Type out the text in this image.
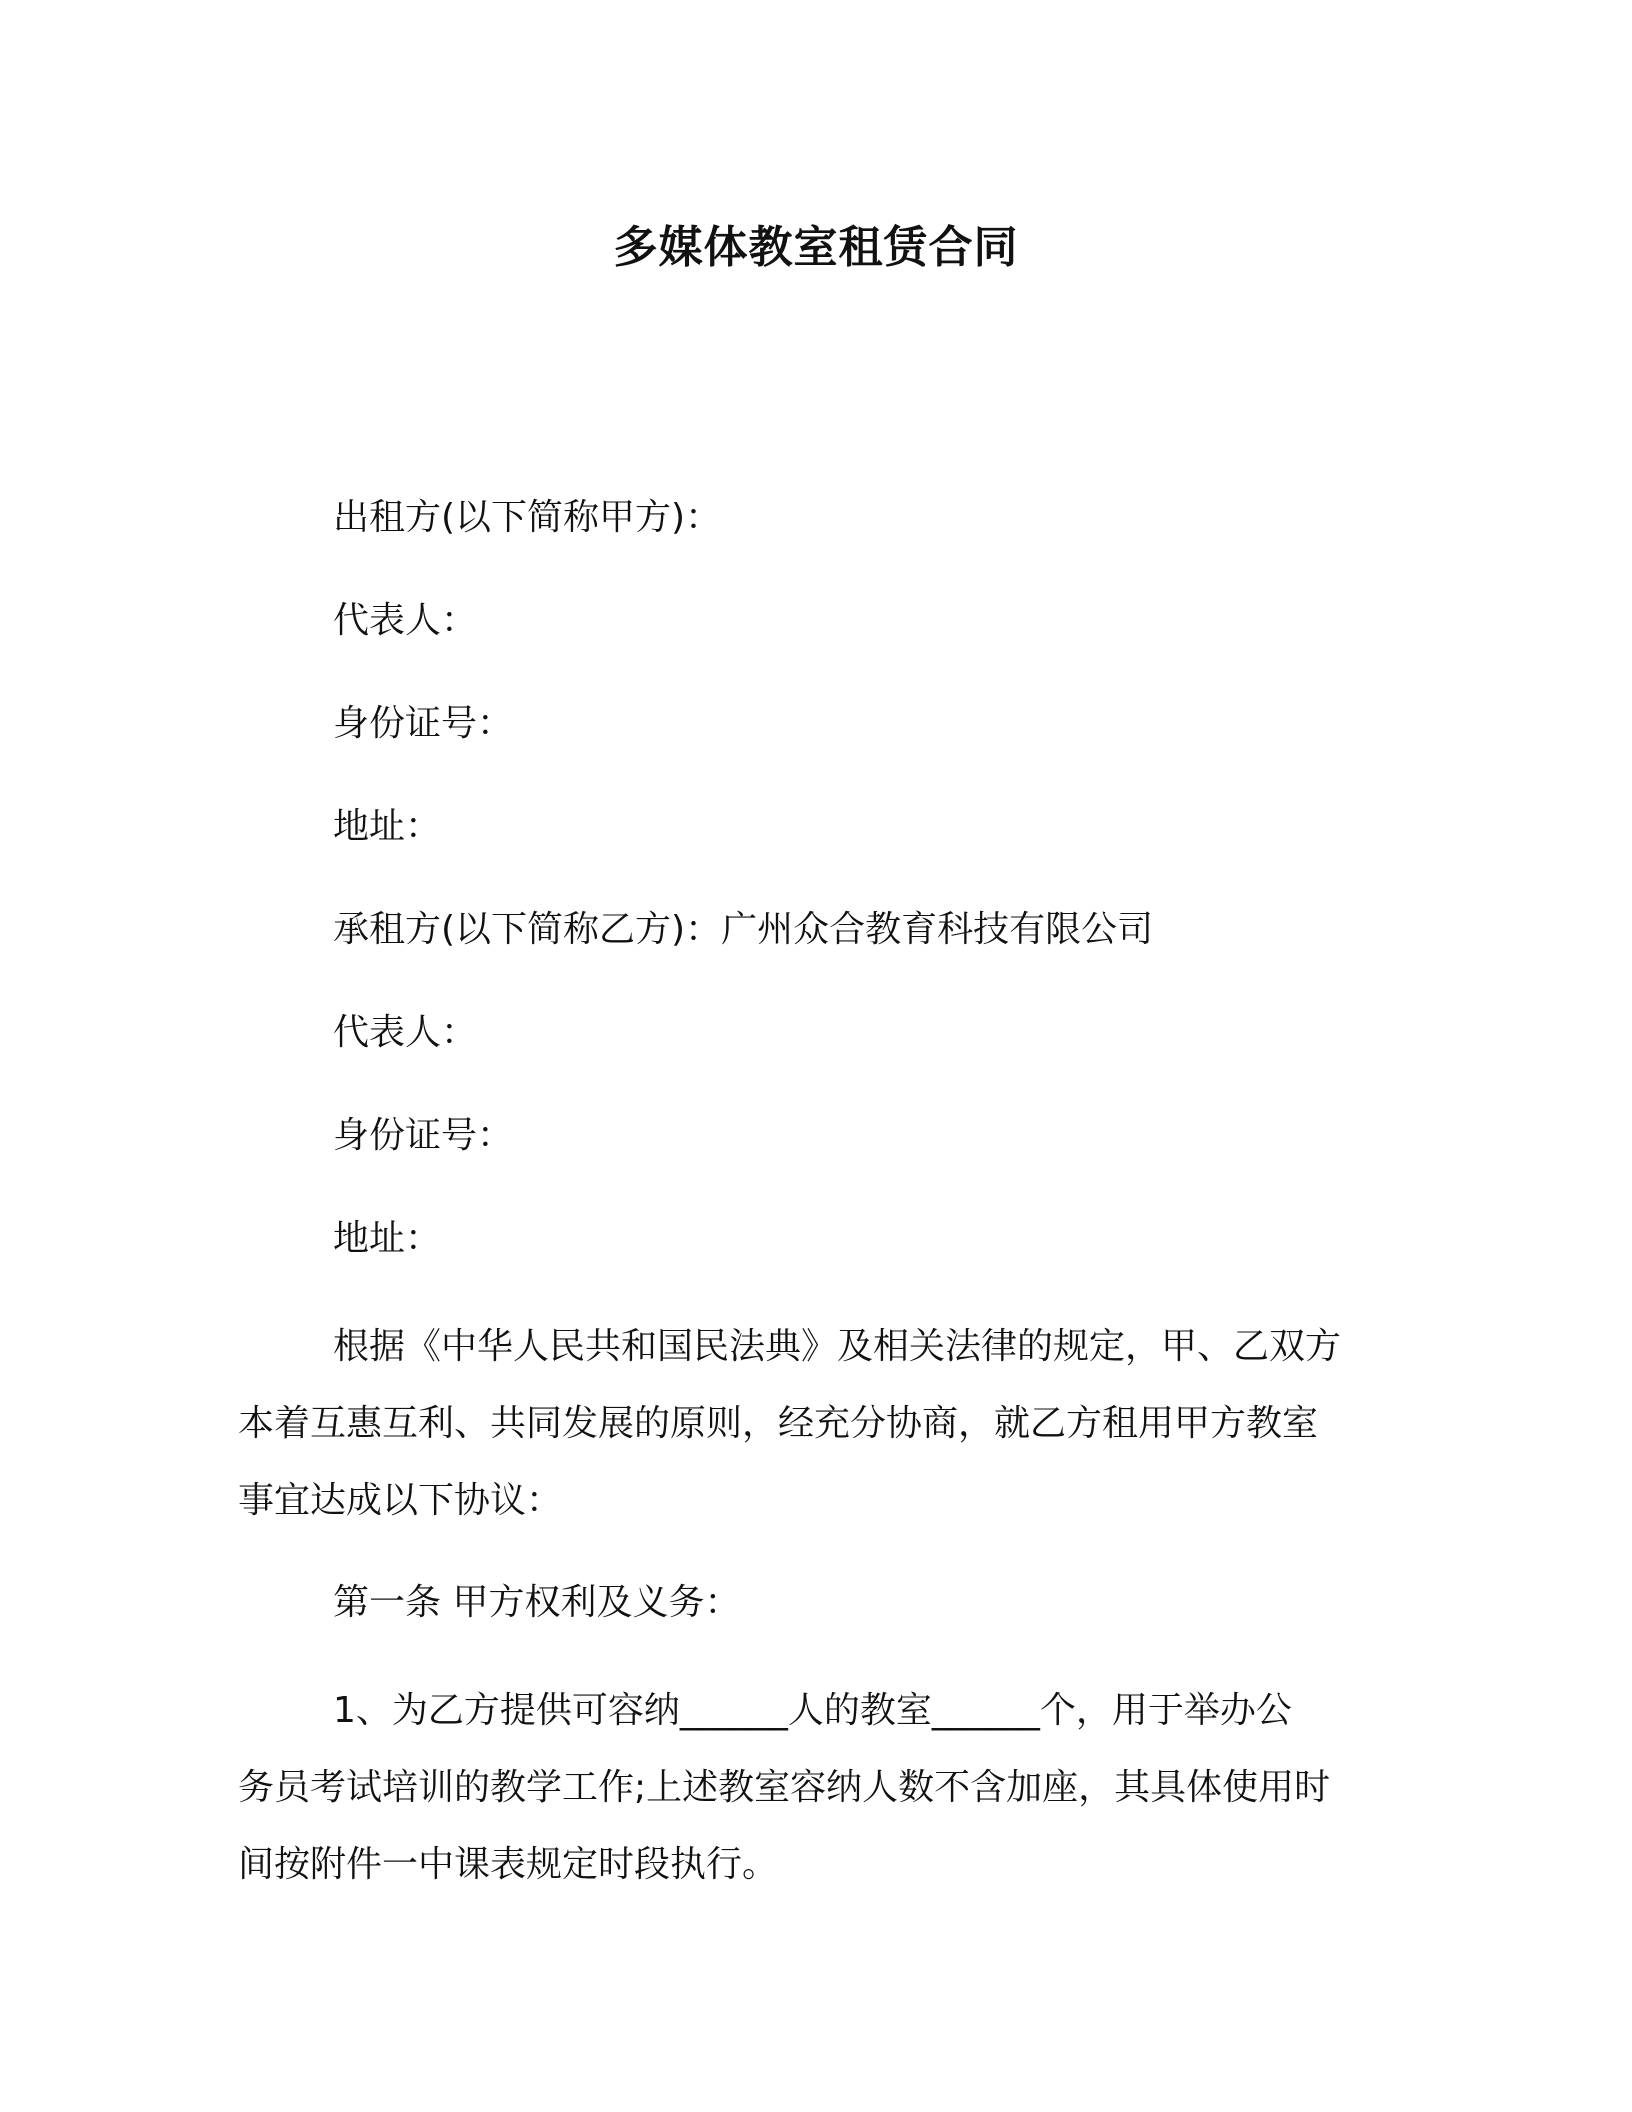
多媒体教室租赁合同
出租方(以下简称甲方)：
代表人：
身份证号：
地址：
承租方(以下简称乙方)：广州众合教育科技有限公司
代表人：
身份证号：
地址：
根据《中华人民共和国民法典》及相关法律的规定，甲、乙双方
本着互惠互利、共同发展的原则，经充分协商，就乙方租用甲方教室
事宜达成以下协议：
第一条 甲方权利及义务：
1、为乙方提供可容纳______人的教室______个，用于举办公
务员考试培训的教学工作;上述教室容纳人数不含加座，其具体使用时
间按附件一中课表规定时段执行。
